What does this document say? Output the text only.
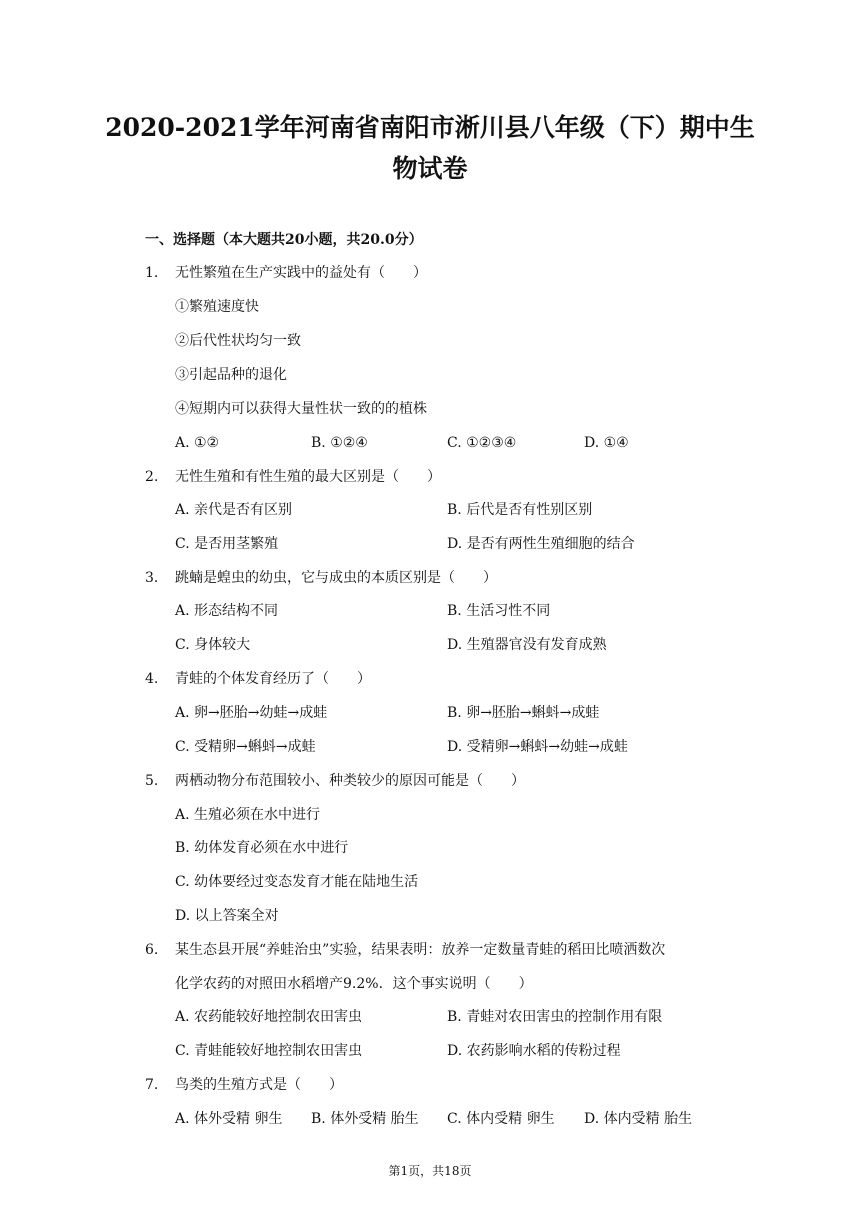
2020-2021学年河南省南阳市淅川县八年级（下）期中生
物试卷
一、选择题（本大题共20小题，共20.0分）
1. 无性繁殖在生产实践中的益处有（　　）
①繁殖速度快
②后代性状均匀一致
③引起品种的退化
④短期内可以获得大量性状一致的的植株
A. ①②	B. ①②④	C. ①②③④	D. ①④
2. 无性生殖和有性生殖的最大区别是（　　）
A. 亲代是否有区别	B. 后代是否有性别区别
C. 是否用茎繁殖	D. 是否有两性生殖细胞的结合
3. 跳蝻是蝗虫的幼虫，它与成虫的本质区别是（　　）
A. 形态结构不同	B. 生活习性不同
C. 身体较大	D. 生殖器官没有发育成熟
4. 青蛙的个体发育经历了（　　）
A. 卵→胚胎→幼蛙→成蛙	B. 卵→胚胎→蝌蚪→成蛙
C. 受精卵→蝌蚪→成蛙	D. 受精卵→蝌蚪→幼蛙→成蛙
5. 两栖动物分布范围较小、种类较少的原因可能是（　　）
A. 生殖必须在水中进行
B. 幼体发育必须在水中进行
C. 幼体要经过变态发育才能在陆地生活
D. 以上答案全对
6. 某生态县开展“养蛙治虫”实验，结果表明：放养一定数量青蛙的稻田比喷洒数次
化学农药的对照田水稻增产9.2%．这个事实说明（　　）
A. 农药能较好地控制农田害虫	B. 青蛙对农田害虫的控制作用有限
C. 青蛙能较好地控制农田害虫	D. 农药影响水稻的传粉过程
7. 鸟类的生殖方式是（　　）
A. 体外受精 卵生 B. 体外受精 胎生 C. 体内受精 卵生 D. 体内受精 胎生
第1页，共18页
